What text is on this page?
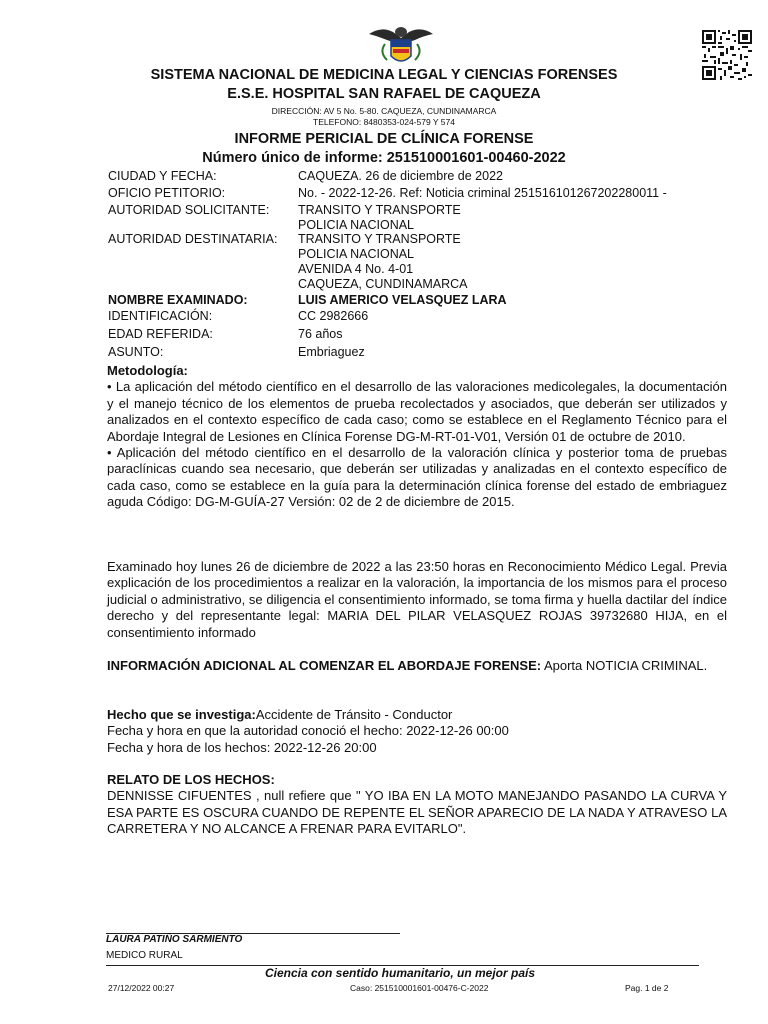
SISTEMA NACIONAL DE MEDICINA LEGAL Y CIENCIAS FORENSES
E.S.E. HOSPITAL SAN RAFAEL DE CAQUEZA
DIRECCIÓN: AV 5 No. 5-80. CAQUEZA, CUNDINAMARCA
TELEFONO: 8480353-024-579 Y 574
INFORME PERICIAL DE CLÍNICA FORENSE
Número único de informe: 251510001601-00460-2022
CIUDAD Y FECHA:	CAQUEZA. 26 de diciembre de 2022
OFICIO PETITORIO:	No. - 2022-12-26. Ref: Noticia criminal 251516101267202280011 -
AUTORIDAD SOLICITANTE:	TRANSITO Y TRANSPORTE
POLICIA NACIONAL
AUTORIDAD DESTINATARIA:	TRANSITO Y TRANSPORTE
POLICIA NACIONAL
AVENIDA 4 No. 4-01
CAQUEZA, CUNDINAMARCA
NOMBRE EXAMINADO:	LUIS AMERICO VELASQUEZ LARA
IDENTIFICACIÓN:	CC 2982666
EDAD REFERIDA:	76 años
ASUNTO:	Embriaguez

Metodología:

• La aplicación del método científico en el desarrollo de las valoraciones medicolegales, la documentación y el manejo técnico de los elementos de prueba recolectados y asociados, que deberán ser utilizados y analizados en el contexto específico de cada caso; como se establece en el Reglamento Técnico para el Abordaje Integral de Lesiones en Clínica Forense DG-M-RT-01-V01, Versión 01 de octubre de 2010.

• Aplicación del método científico en el desarrollo de la valoración clínica y posterior toma de pruebas paraclínicas cuando sea necesario, que deberán ser utilizadas y analizadas en el contexto específico de cada caso, como se establece en la guía para la determinación clínica forense del estado de embriaguez aguda Código: DG-M-GUÍA-27 Versión: 02 de 2 de diciembre de 2015.

Examinado hoy lunes 26 de diciembre de 2022 a las 23:50 horas en Reconocimiento Médico Legal. Previa explicación de los procedimientos a realizar en la valoración, la importancia de los mismos para el proceso judicial o administrativo, se diligencia el consentimiento informado, se toma firma y huella dactilar del índice derecho y del representante legal: MARIA DEL PILAR VELASQUEZ ROJAS 39732680 HIJA, en el consentimiento informado

INFORMACIÓN ADICIONAL AL COMENZAR EL ABORDAJE FORENSE: Aporta NOTICIA CRIMINAL.

Hecho que se investiga:Accidente de Tránsito - Conductor

Fecha y hora en que la autoridad conoció el hecho: 2022-12-26 00:00

Fecha y hora de los hechos: 2022-12-26 20:00

RELATO DE LOS HECHOS:

DENNISSE CIFUENTES , null refiere que " YO IBA EN LA MOTO MANEJANDO PASANDO LA CURVA Y ESA PARTE ES OSCURA CUANDO DE REPENTE EL SEÑOR APARECIO DE LA NADA Y ATRAVESO LA CARRETERA Y NO ALCANCE A FRENAR PARA EVITARLO".

LAURA PATIÑO SARMIENTO
MEDICO RURAL
Ciencia con sentido humanitario, un mejor país
27/12/2022 00:27	Caso: 251510001601-00476-C-2022	Pag. 1 de 2
